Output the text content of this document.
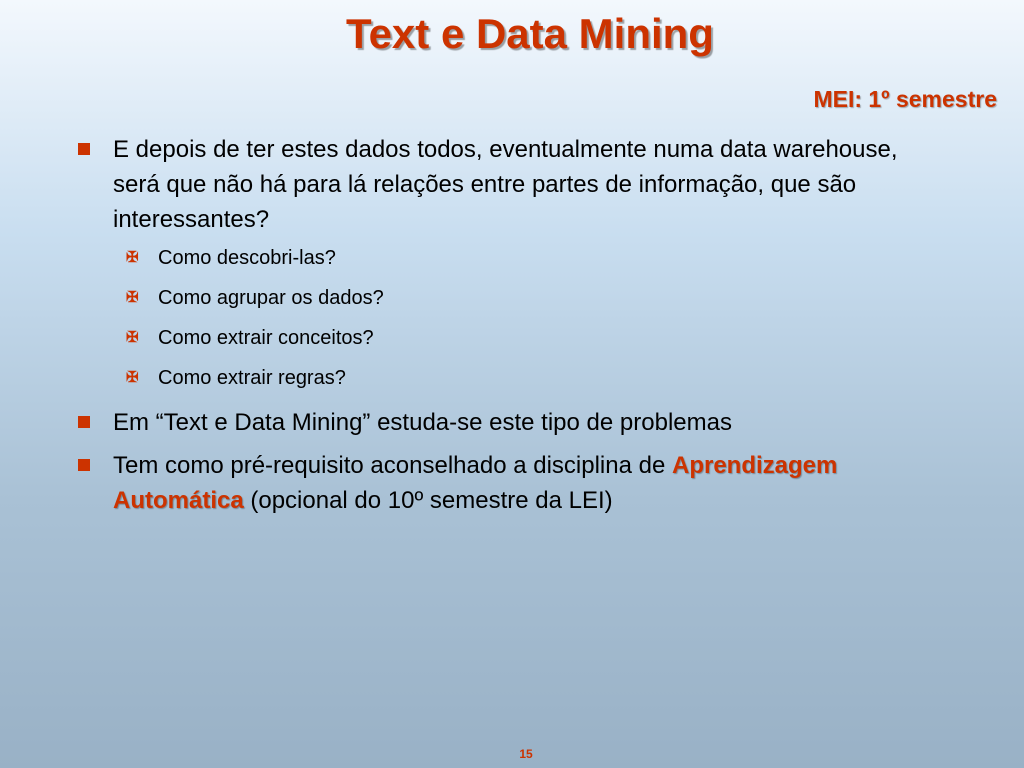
Text e Data Mining
MEI: 1º semestre
E depois de ter estes dados todos, eventualmente numa data warehouse, será que não há para lá relações entre partes de informação, que são interessantes?
✠ Como descobri-las?
✠ Como agrupar os dados?
✠ Como extrair conceitos?
✠ Como extrair regras?
Em “Text e Data Mining” estuda-se este tipo de problemas
Tem como pré-requisito aconselhado a disciplina de Aprendizagem Automática (opcional do 10º semestre da LEI)
15
